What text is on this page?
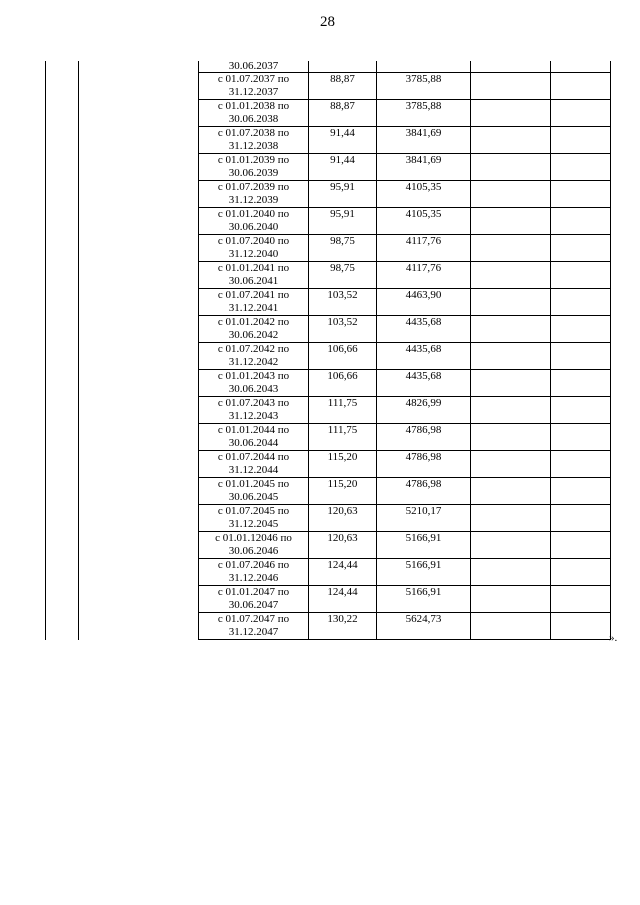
28

		30.06.2037				

		с 01.07.2037 по
31.12.2037	88,87	3785,88		

		с 01.01.2038 по
30.06.2038	88,87	3785,88		

		с 01.07.2038 по
31.12.2038	91,44	3841,69		

		с 01.01.2039 по
30.06.2039	91,44	3841,69		

		с 01.07.2039 по
31.12.2039	95,91	4105,35		

		с 01.01.2040 по
30.06.2040	95,91	4105,35		

		с 01.07.2040 по
31.12.2040	98,75	4117,76		

		с 01.01.2041 по
30.06.2041	98,75	4117,76		

		с 01.07.2041 по
31.12.2041	103,52	4463,90		

		с 01.01.2042 по
30.06.2042	103,52	4435,68		

		с 01.07.2042 по
31.12.2042	106,66	4435,68		

		с 01.01.2043 по
30.06.2043	106,66	4435,68		

		с 01.07.2043 по
31.12.2043	111,75	4826,99		

		с 01.01.2044 по
30.06.2044	111,75	4786,98		

		с 01.07.2044 по
31.12.2044	115,20	4786,98		

		с 01.01.2045 по
30.06.2045	115,20	4786,98		

		с 01.07.2045 по
31.12.2045	120,63	5210,17		

		с 01.01.12046 по
30.06.2046	120,63	5166,91		

		с 01.07.2046 по
31.12.2046	124,44	5166,91		

		с 01.01.2047 по
30.06.2047	124,44	5166,91		

		с 01.07.2047 по
31.12.2047	130,22	5624,73		
».
